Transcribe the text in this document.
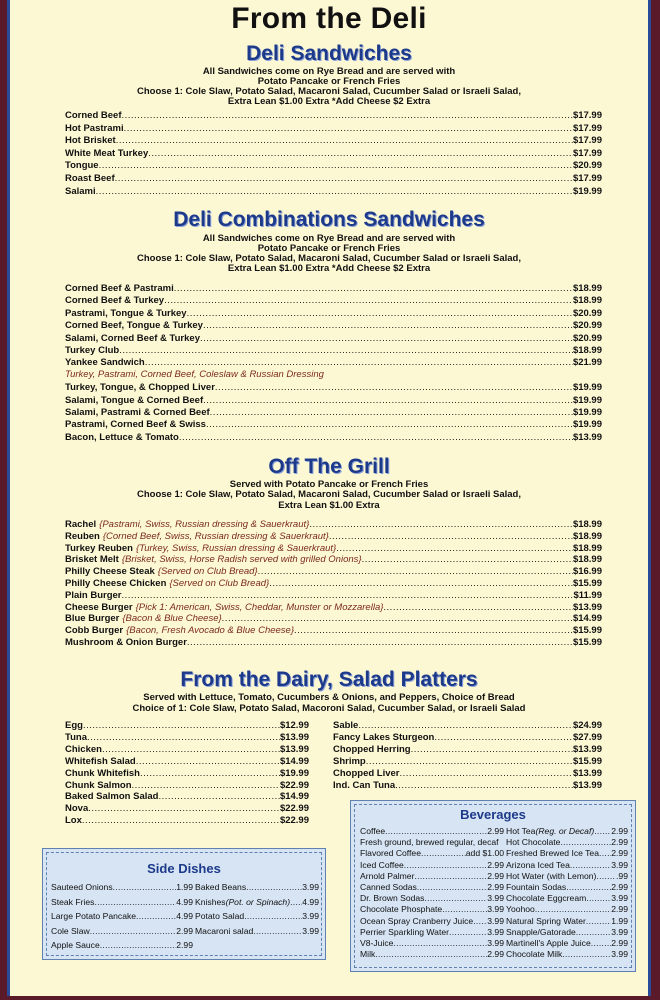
From the Deli
Deli Sandwiches
All Sandwiches come on Rye Bread and are served with
Potato Pancake or French Fries
Choose 1: Cole Slaw, Potato Salad, Macaroni Salad, Cucumber Salad or Israeli Salad,
Extra Lean $1.00 Extra *Add Cheese $2 Extra
Corned Beef .....	$17.99
Hot Pastrami .....	$17.99
Hot Brisket .....	$17.99
White Meat Turkey .....	$17.99
Tongue .....	$20.99
Roast Beef .....	$17.99
Salami .....	$19.99
Deli Combinations Sandwiches
All Sandwiches come on Rye Bread and are served with
Potato Pancake or French Fries
Choose 1: Cole Slaw, Potato Salad, Macaroni Salad, Cucumber Salad or Israeli Salad,
Extra Lean $1.00 Extra *Add Cheese $2 Extra
Corned Beef & Pastrami .....	$18.99
Corned Beef & Turkey .....	$18.99
Pastrami, Tongue & Turkey .....	$20.99
Corned Beef, Tongue & Turkey .....	$20.99
Salami, Corned Beef & Turkey .....	$20.99
Turkey Club .....	$18.99
Yankee Sandwich .....	$21.99
Turkey, Tongue, & Chopped Liver .....	$19.99
Salami, Tongue & Corned Beef .....	$19.99
Salami, Pastrami & Corned Beef .....	$19.99
Pastrami, Corned Beef & Swiss .....	$19.99
Bacon, Lettuce & Tomato .....	$13.99
Turkey, Pastrami, Corned Beef, Coleslaw & Russian Dressing
Off The Grill
Served with Potato Pancake or French Fries
Choose 1: Cole Slaw, Potato Salad, Macaroni Salad, Cucumber Salad or Israeli Salad,
Extra Lean $1.00 Extra
Rachel {Pastrami, Swiss, Russian dressing & Sauerkraut} .....	$18.99
Reuben {Corned Beef, Swiss, Russian dressing & Sauerkraut} .....	$18.99
Turkey Reuben {Turkey, Swiss, Russian dressing & Sauerkraut} .....	$18.99
Brisket Melt {Brisket, Swiss, Horse Radish served with grilled Onions} .....	$18.99
Philly Cheese Steak {Served on Club Bread} .....	$16.99
Philly Cheese Chicken {Served on Club Bread} .....	$15.99
Plain Burger .....	$11.99
Cheese Burger {Pick 1: American, Swiss, Cheddar, Munster or Mozzarella} .....	$13.99
Blue Burger {Bacon & Blue Cheese} .....	$14.99
Cobb Burger {Bacon, Fresh Avocado & Blue Cheese} .....	$15.99
Mushroom & Onion Burger .....	$15.99
From the Dairy, Salad Platters
Served with Lettuce, Tomato, Cucumbers & Onions, and Peppers, Choice of Bread
Choice of 1: Cole Slaw, Potato Salad, Macoroni Salad, Cucumber Salad, or Israeli Salad
Egg .....	$12.99
Tuna .....	$13.99
Chicken .....	$13.99
Whitefish Salad .....	$14.99
Chunk Whitefish .....	$19.99
Chunk Salmon .....	$22.99
Baked Salmon Salad .....	$14.99
Nova .....	$22.99
Lox .....	$22.99
Sable .....	$24.99
Fancy Lakes Sturgeon .....	$27.99
Chopped Herring .....	$13.99
Shrimp .....	$15.99
Chopped Liver .....	$13.99
Ind. Can Tuna .....	$13.99
Side Dishes
Sauteed Onions .....	1.99
Steak Fries .....	4.99
Large Potato Pancake .....	4.99
Cole Slaw .....	2.99
Apple Sauce .....	2.99
Baked Beans .....	3.99
Knishes (Pot. or Spinach) ..... 4.99
Potato Salad .....	3.99
Macaroni salad .....	3.99
Beverages
Coffee .....	2.99
Fresh ground, brewed regular, decaf
Flavored Coffee .....	add $1.00
Iced Coffee .....	2.99
Arnold Palmer .....	2.99
Canned Sodas .....	2.99
Dr. Brown Sodas .....	3.99
Chocolate Phosphate .....	3.99
Ocean Spray Cranberry Juice ..... 3.99
Perrier Sparkling Water .....	3.99
V8-Juice .....	3.99
Milk .....	2.99
Hot Tea (Reg. or Decaf) ..... 2.99
Hot Chocolate .....	2.99
Freshed Brewed Ice Tea ..... 2.99
Arizona Iced Tea .....	3.99
Hot Water (with Lemon) ..... .99
Fountain Sodas .....	2.99
Chocolate Eggcream .....	3.99
Yoohoo .....	2.99
Natural Spring Water .....	1.99
Snapple/Gatorade .....	3.99
Martinell's Apple Juice ..... 2.99
Chocolate Milk .....	3.99
